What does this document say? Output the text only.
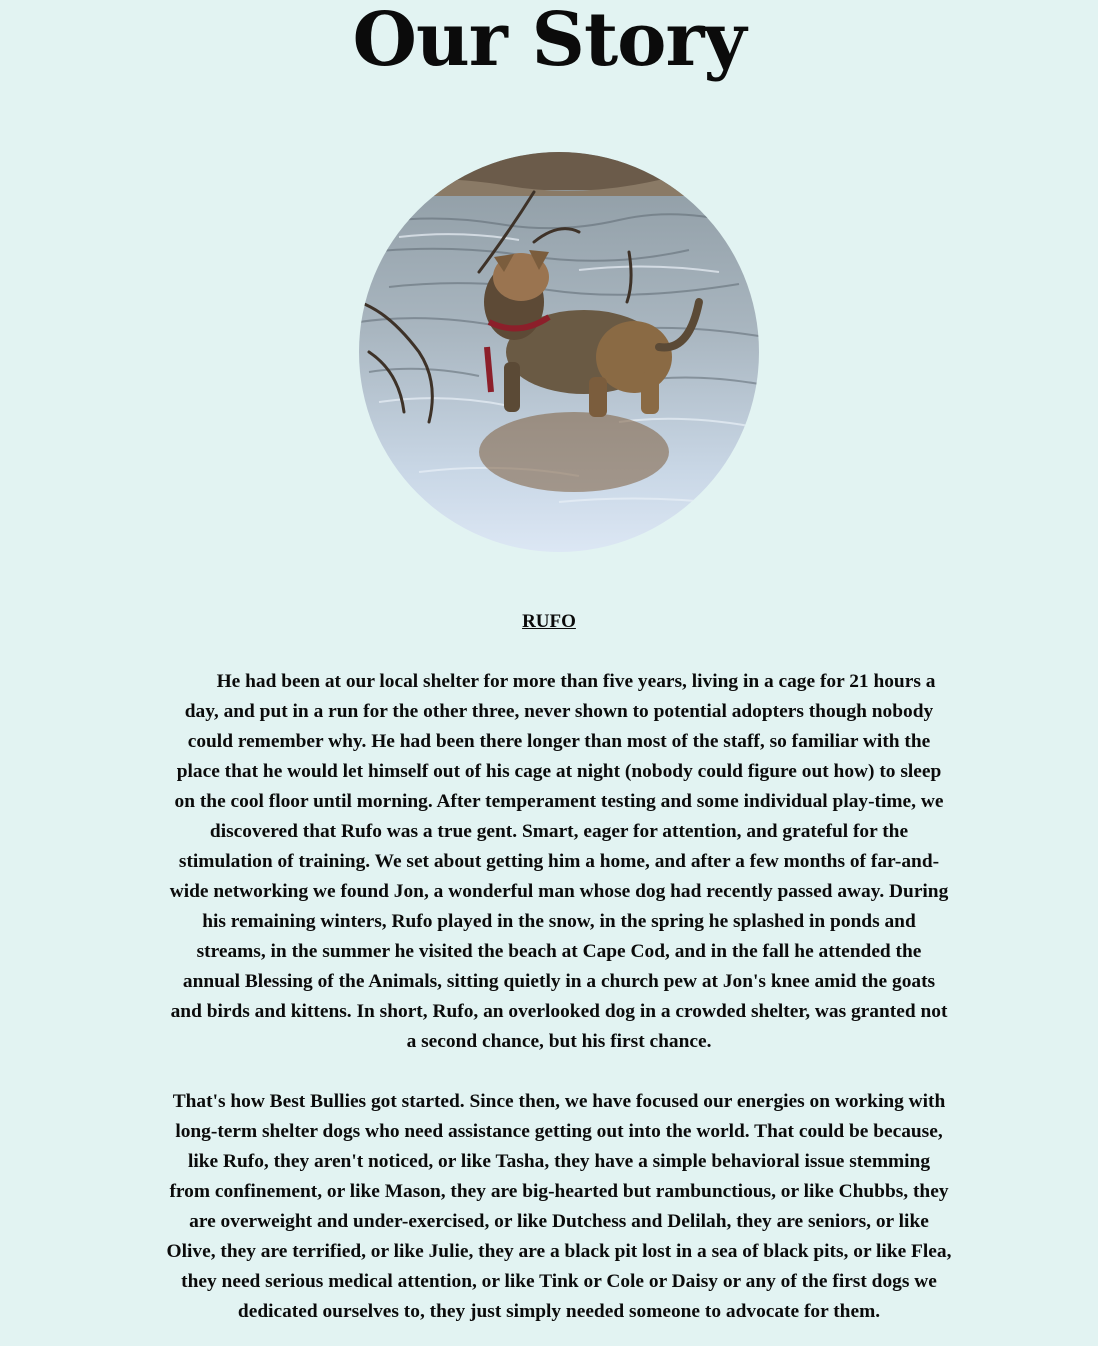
Our Story
RUFO

He had been at our local shelter for more than five years, living in a cage for 21 hours a day, and put in a run for the other three, never shown to potential adopters though nobody could remember why. He had been there longer than most of the staff, so familiar with the place that he would let himself out of his cage at night (nobody could figure out how) to sleep on the cool floor until morning. After temperament testing and some individual play-time, we discovered that Rufo was a true gent. Smart, eager for attention, and grateful for the stimulation of training. We set about getting him a home, and after a few months of far-and-wide networking we found Jon, a wonderful man whose dog had recently passed away. During his remaining winters, Rufo played in the snow, in the spring he splashed in ponds and streams, in the summer he visited the beach at Cape Cod, and in the fall he attended the annual Blessing of the Animals, sitting quietly in a church pew at Jon's knee amid the goats and birds and kittens. In short, Rufo, an overlooked dog in a crowded shelter, was granted not a second chance, but his first chance.

That's how Best Bullies got started. Since then, we have focused our energies on working with long-term shelter dogs who need assistance getting out into the world. That could be because, like Rufo, they aren't noticed, or like Tasha, they have a simple behavioral issue stemming from confinement, or like Mason, they are big-hearted but rambunctious, or like Chubbs, they are overweight and under-exercised, or like Dutchess and Delilah, they are seniors, or like Olive, they are terrified, or like Julie, they are a black pit lost in a sea of black pits, or like Flea, they need serious medical attention, or like Tink or Cole or Daisy or any of the first dogs we dedicated ourselves to, they just simply needed someone to advocate for them.
